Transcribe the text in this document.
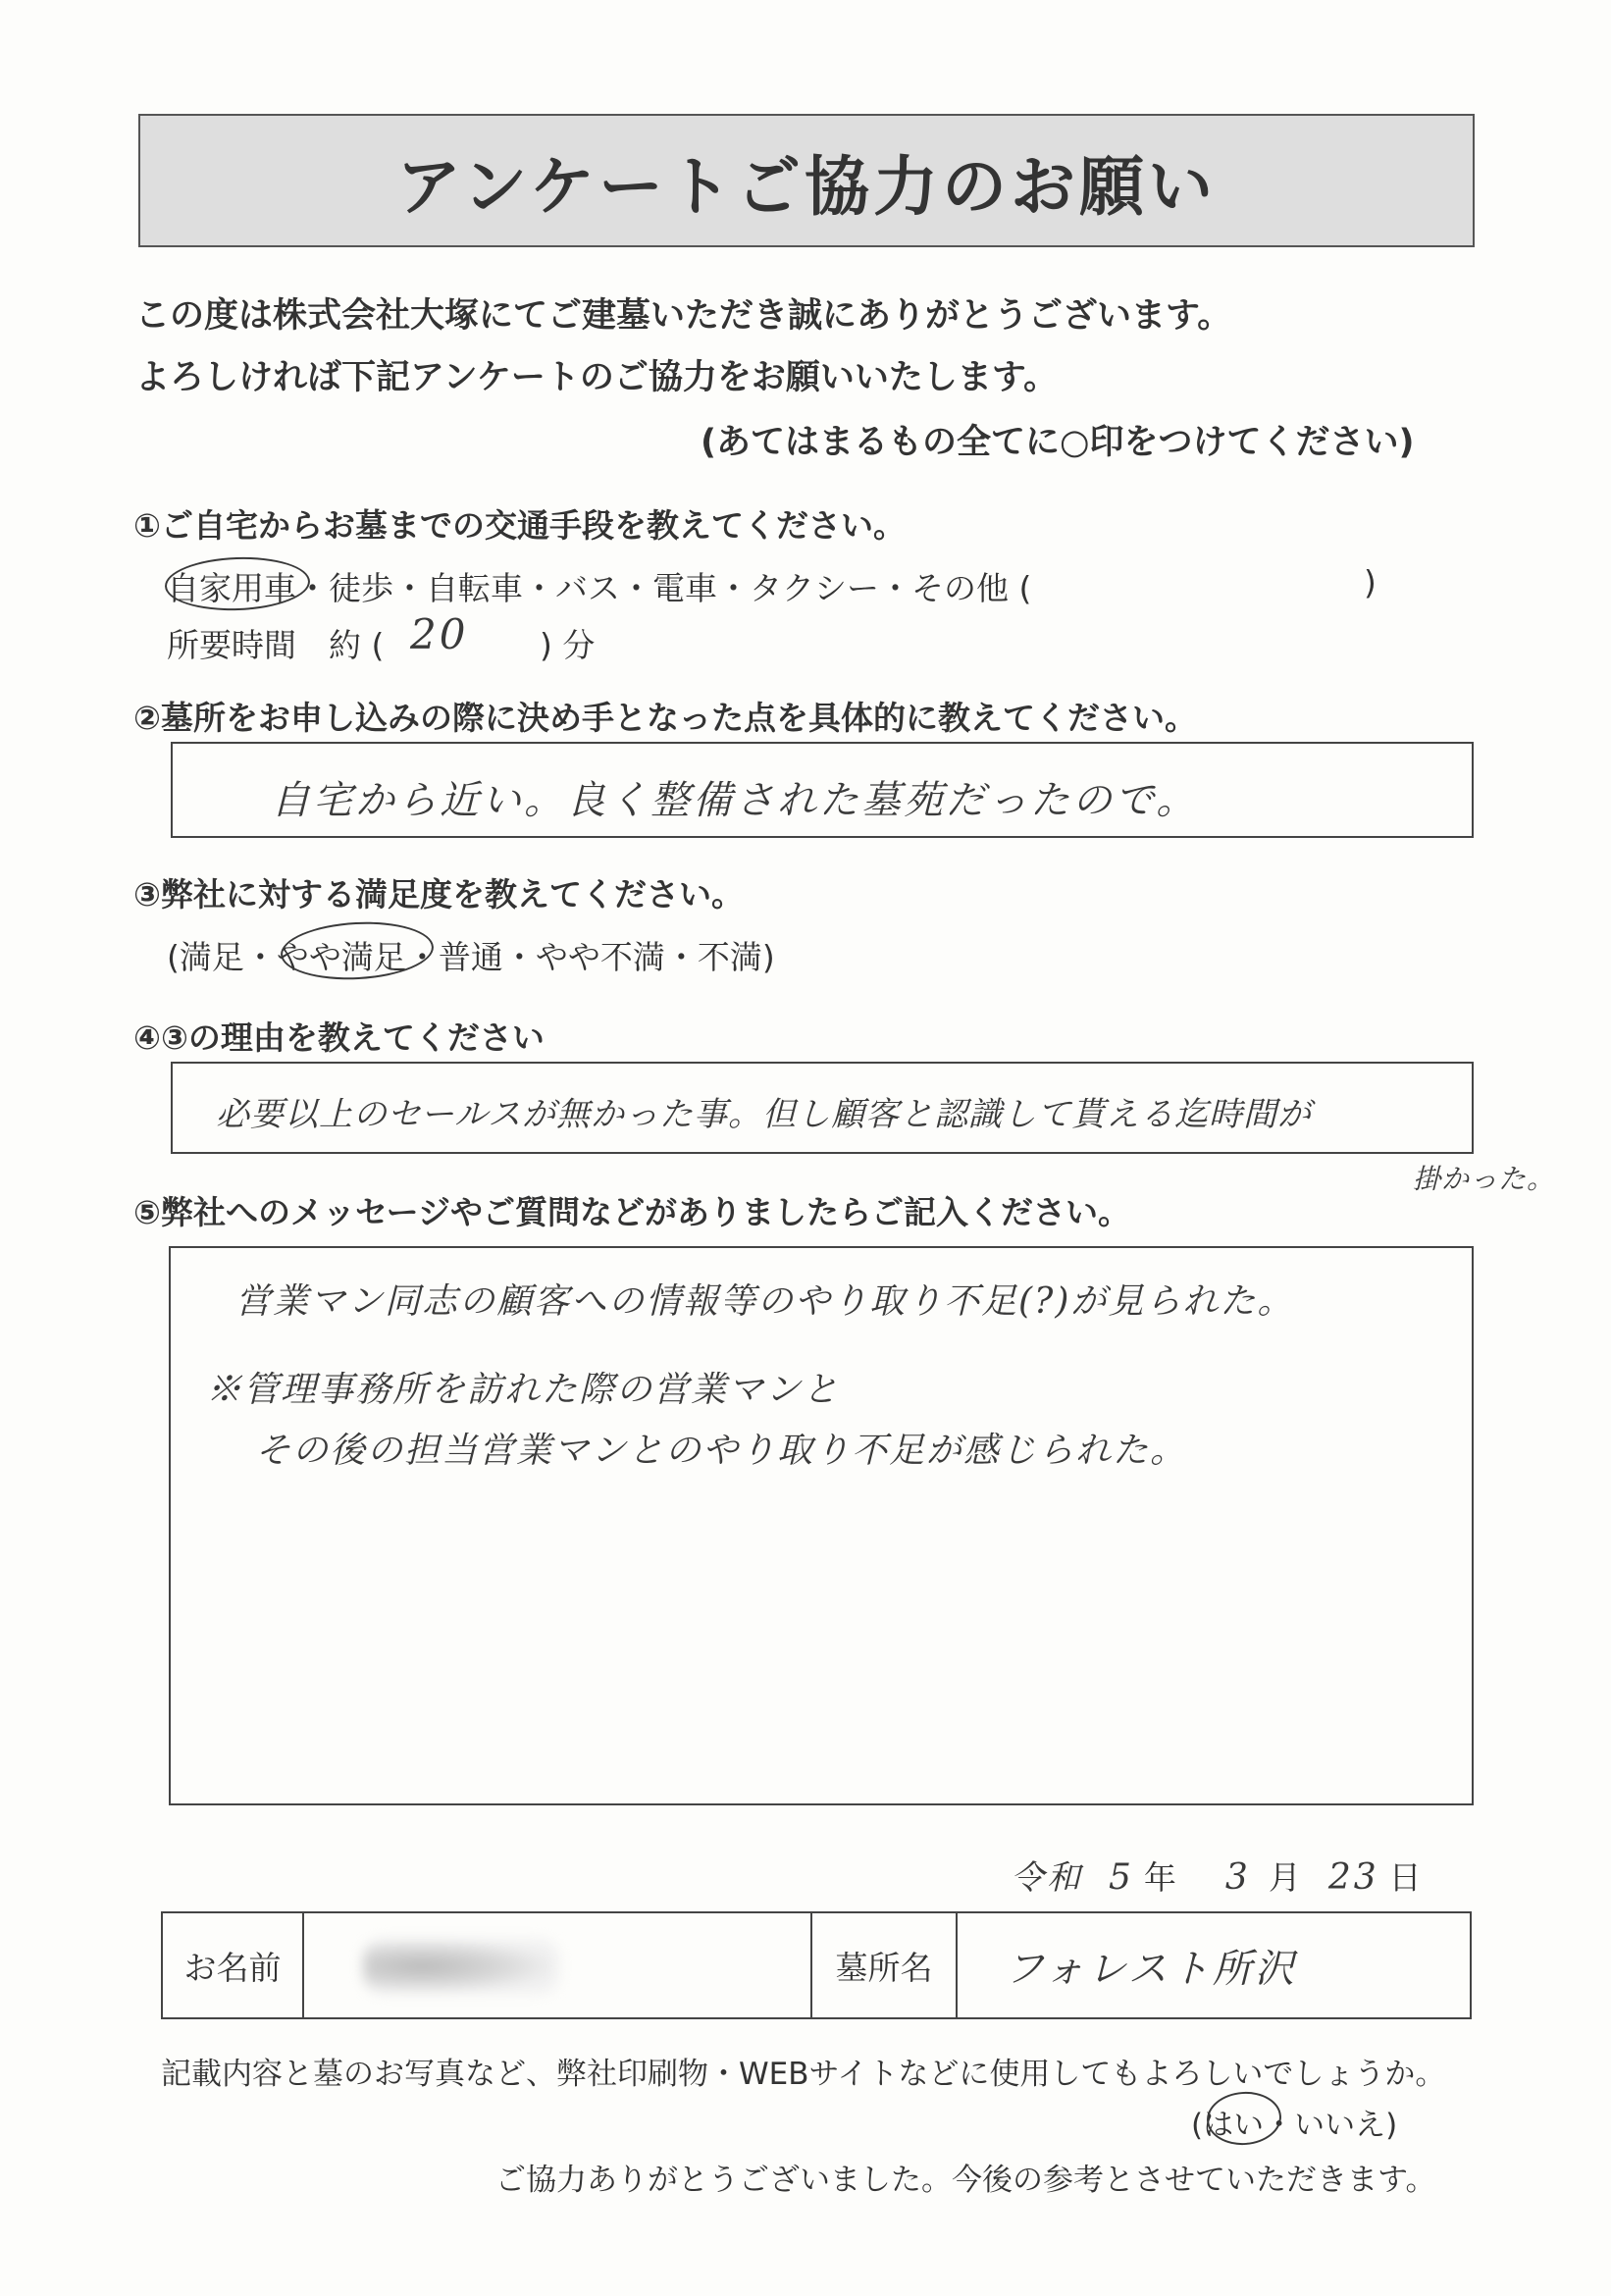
アンケートご協力のお願い
この度は株式会社大塚にてご建墓いただき誠にありがとうございます。
よろしければ下記アンケートのご協力をお願いいたします。
(あてはまるもの全てに○印をつけてください)
①ご自宅からお墓までの交通手段を教えてください。
自家用車・徒歩・自転車・バス・電車・タクシー・その他 (	)
所要時間　約 ( 20 ) 分
②墓所をお申し込みの際に決め手となった点を具体的に教えてください。
自宅から近い。良く整備された墓苑だったので。
③弊社に対する満足度を教えてください。
(満足・やや満足・普通・やや不満・不満)
④③の理由を教えてください
必要以上のセールスが無かった事。但し顧客と認識して貰える迄時間が
掛かった。
⑤弊社へのメッセージやご質問などがありましたらご記入ください。
営業マン同志の顧客への情報等のやり取り不足(?)が見られた。
※管理事務所を訪れた際の営業マンと
その後の担当営業マンとのやり取り不足が感じられた。
令和 5 年 3 月 23 日
お名前	墓所名 フォレスト所沢
記載内容と墓のお写真など、弊社印刷物・WEBサイトなどに使用してもよろしいでしょうか。
(はい・いいえ)
ご協力ありがとうございました。今後の参考とさせていただきます。
